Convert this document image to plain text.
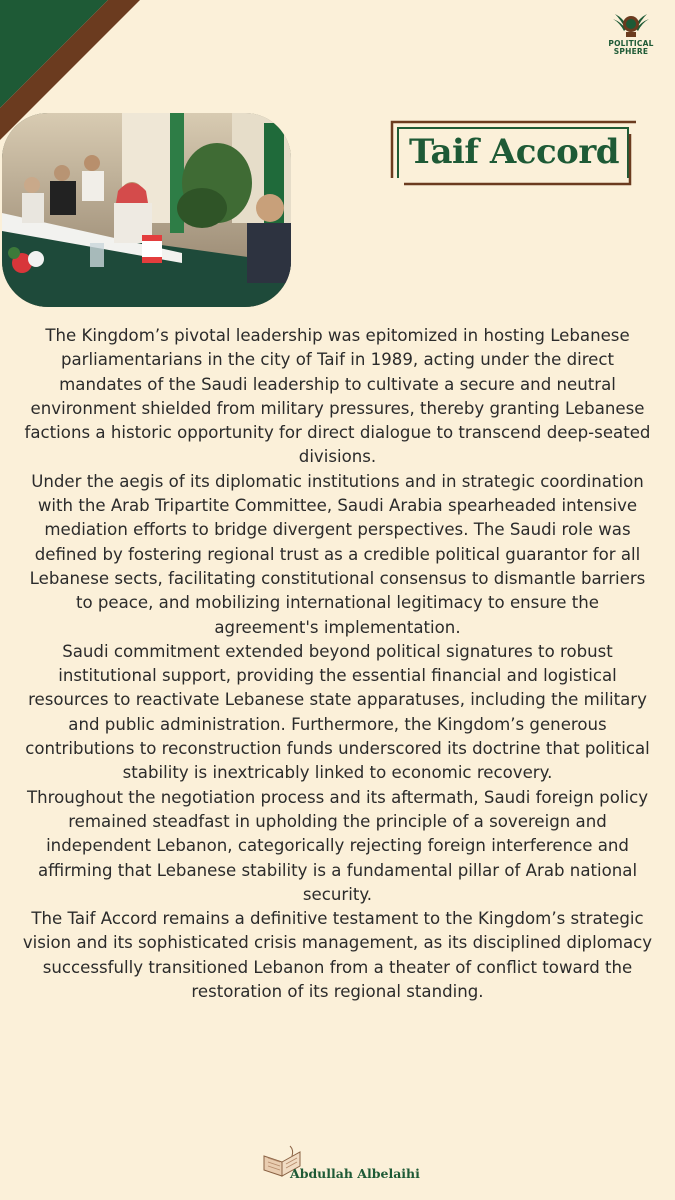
POLITICAL
SPHERE
Taif Accord

The Kingdom’s pivotal leadership was epitomized in hosting Lebanese parliamentarians in the city of Taif in 1989, acting under the direct mandates of the Saudi leadership to cultivate a secure and neutral environment shielded from military pressures, thereby granting Lebanese factions a historic opportunity for direct dialogue to transcend deep-seated divisions.

Under the aegis of its diplomatic institutions and in strategic coordination with the Arab Tripartite Committee, Saudi Arabia spearheaded intensive mediation efforts to bridge divergent perspectives. The Saudi role was defined by fostering regional trust as a credible political guarantor for all Lebanese sects, facilitating constitutional consensus to dismantle barriers to peace, and mobilizing international legitimacy to ensure the agreement's implementation.

Saudi commitment extended beyond political signatures to robust institutional support, providing the essential financial and logistical resources to reactivate Lebanese state apparatuses, including the military and public administration. Furthermore, the Kingdom’s generous contributions to reconstruction funds underscored its doctrine that political stability is inextricably linked to economic recovery.

Throughout the negotiation process and its aftermath, Saudi foreign policy remained steadfast in upholding the principle of a sovereign and independent Lebanon, categorically rejecting foreign interference and affirming that Lebanese stability is a fundamental pillar of Arab national security.

The Taif Accord remains a definitive testament to the Kingdom’s strategic vision and its sophisticated crisis management, as its disciplined diplomacy successfully transitioned Lebanon from a theater of conflict toward the restoration of its regional standing.

Abdullah Albelaihi
